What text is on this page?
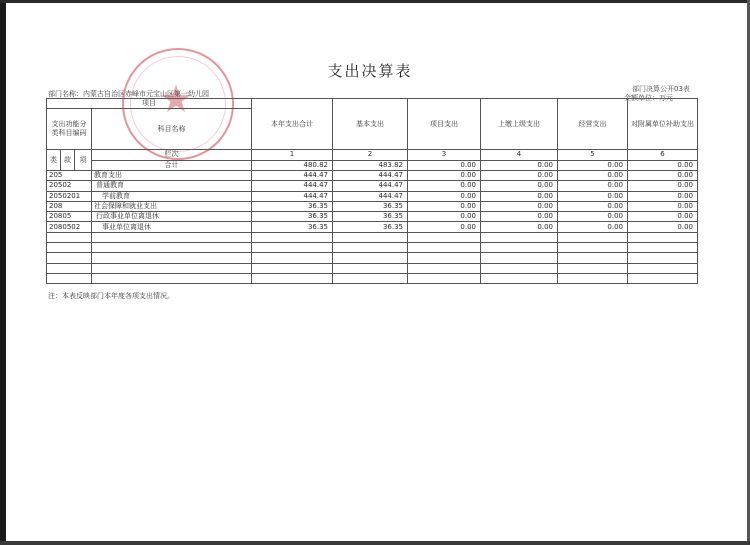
★
支出决算表
部门决算公开03表
金额单位：万元
部门名称：内蒙古自治区赤峰市元宝山区第一幼儿园
项目				本年支出合计	基本支出	项目支出	上缴上级支出	经营支出	对附属单位补助支出
支出功能分类科目编码			科目名称						
类	款	项	栏次	1	2	3	4	5	6
			合计	480.82	483.82	0.00	0.00	0.00	0.00
205			教育支出	444.47	444.47	0.00	0.00	0.00	0.00
20502			普通教育	444.47	444.47	0.00	0.00	0.00	0.00
2050201			学前教育	444.47	444.47	0.00	0.00	0.00	0.00
208			社会保障和就业支出	36.35	36.35	0.00	0.00	0.00	0.00
20805			行政事业单位离退休	36.35	36.35	0.00	0.00	0.00	0.00
2080502			事业单位离退休	36.35	36.35	0.00	0.00	0.00	0.00

注：本表反映部门本年度各项支出情况。
